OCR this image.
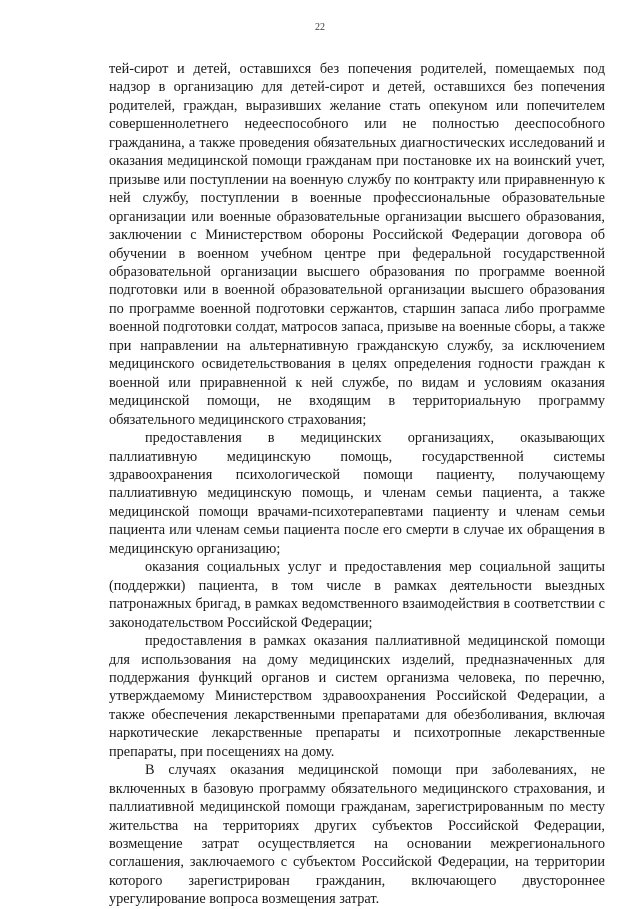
22

тей-сирот и детей, оставшихся без попечения родителей, помещаемых под надзор в организацию для детей-сирот и детей, оставшихся без попечения родителей, граждан, выразивших желание стать опекуном или попечителем совершеннолетнего недееспособного или не полностью дееспособного гражданина, а также проведения обязательных диагностических исследований и оказания медицинской помощи гражданам при постановке их на воинский учет, призыве или поступлении на военную службу по контракту или приравненную к ней службу, поступлении в военные профессиональные образовательные организации или военные образовательные организации высшего образования, заключении с Министерством обороны Российской Федерации договора об обучении в военном учебном центре при федеральной государственной образовательной организации высшего образования по программе военной подготовки или в военной образовательной организации высшего образования по программе военной подготовки сержантов, старшин запаса либо программе военной подготовки солдат, матросов запаса, призыве на военные сборы, а также при направлении на альтернативную гражданскую службу, за исключением медицинского освидетельствования в целях определения годности граждан к военной или приравненной к ней службе, по видам и условиям оказания медицинской помощи, не входящим в территориальную программу обязательного медицинского страхования;

предоставления в медицинских организациях, оказывающих паллиативную медицинскую помощь, государственной системы здравоохранения психологической помощи пациенту, получающему паллиативную медицинскую помощь, и членам семьи пациента, а также медицинской помощи врачами-психотерапевтами пациенту и членам семьи пациента или членам семьи пациента после его смерти в случае их обращения в медицинскую организацию;

оказания социальных услуг и предоставления мер социальной защиты (поддержки) пациента, в том числе в рамках деятельности выездных патронажных бригад, в рамках ведомственного взаимодействия в соответствии с законодательством Российской Федерации;

предоставления в рамках оказания паллиативной медицинской помощи для использования на дому медицинских изделий, предназначенных для поддержания функций органов и систем организма человека, по перечню, утверждаемому Министерством здравоохранения Российской Федерации, а также обеспечения лекарственными препаратами для обезболивания, включая наркотические лекарственные препараты и психотропные лекарственные препараты, при посещениях на дому.

В случаях оказания медицинской помощи при заболеваниях, не включенных в базовую программу обязательного медицинского страхования, и паллиативной медицинской помощи гражданам, зарегистрированным по месту жительства на территориях других субъектов Российской Федерации, возмещение затрат осуществляется на основании межрегионального соглашения, заключаемого с субъектом Российской Федерации, на территории которого зарегистрирован гражданин, включающего двустороннее урегулирование вопроса возмещения затрат.
